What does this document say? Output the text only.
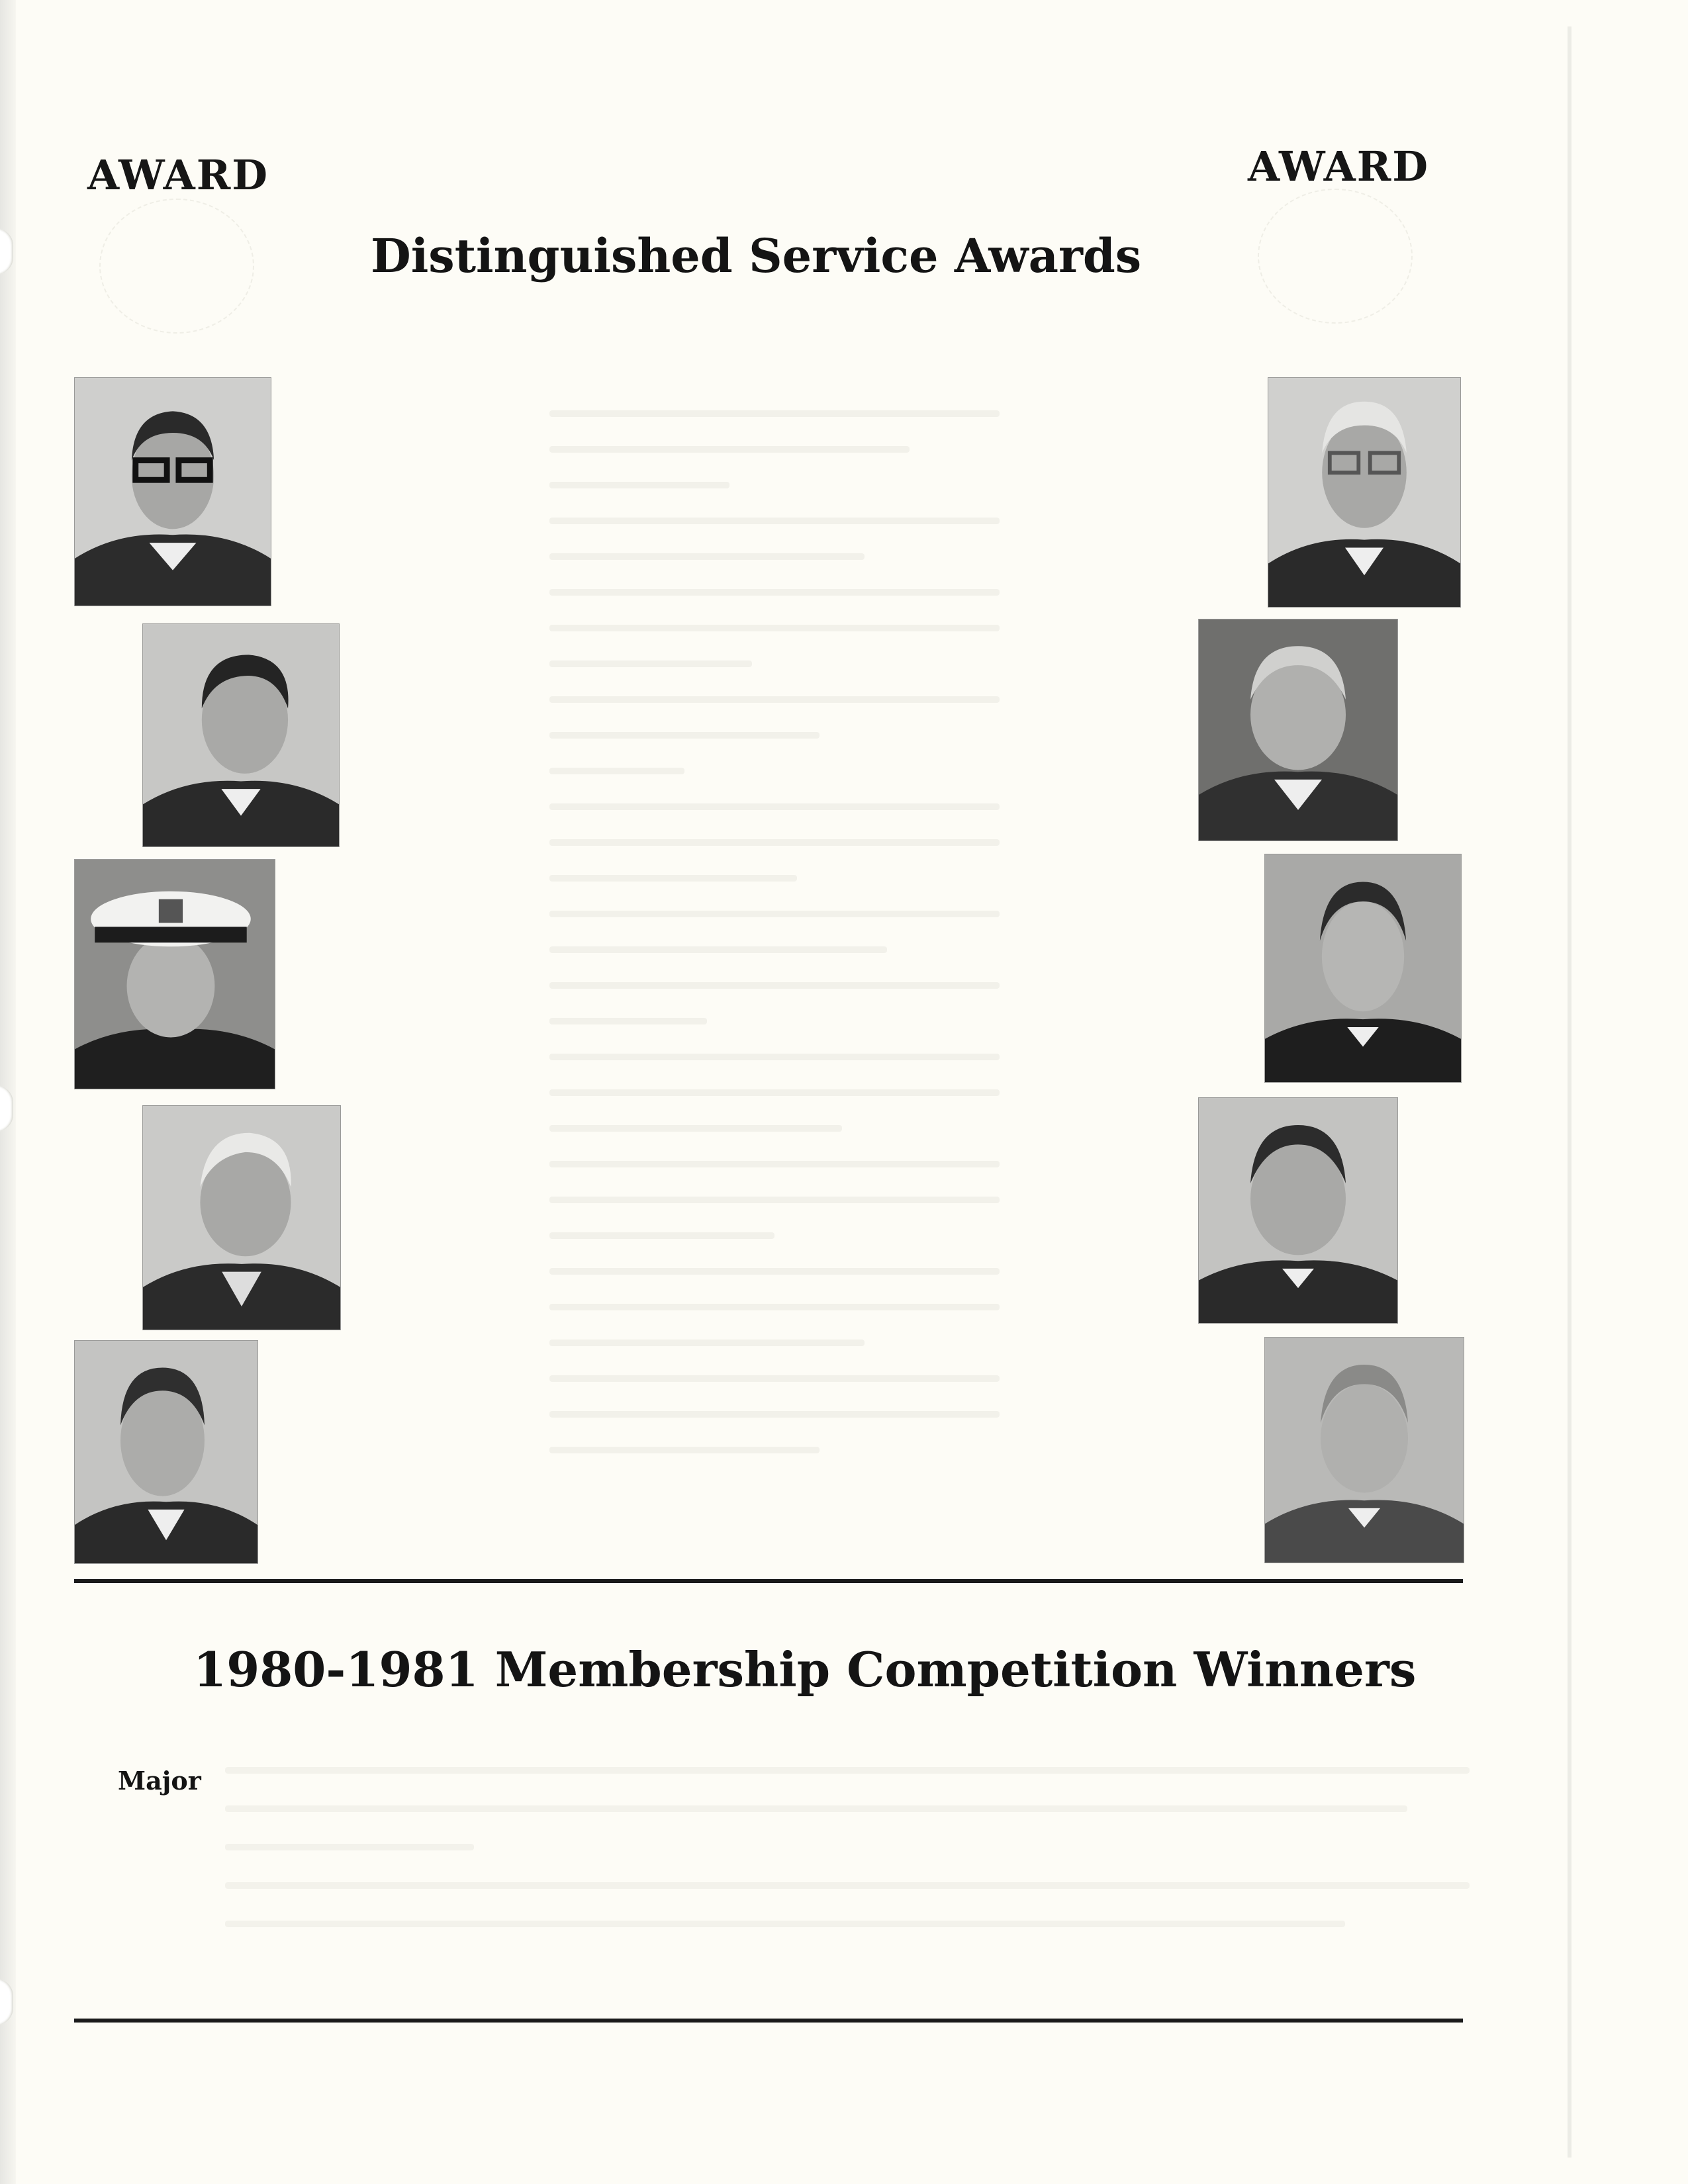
AWARD	AWARD
Distinguished Service Awards
1980-1981 Membership Competition Winners
Major
